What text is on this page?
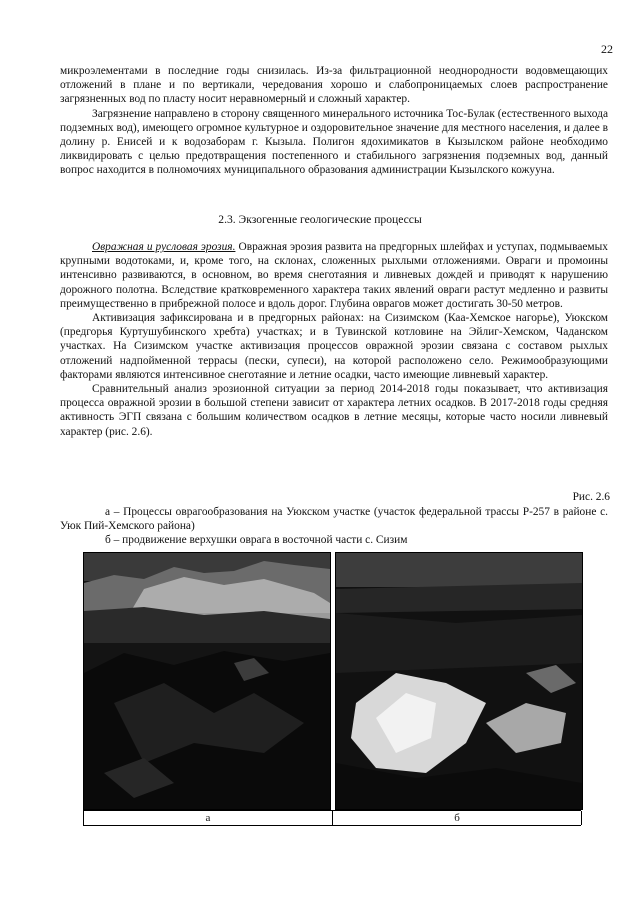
22

микроэлементами в последние годы снизилась. Из-за фильтрационной неоднородности водовмещающих отложений в плане и по вертикали, чередования хорошо и слабопроницаемых слоев распространение загрязненных вод по пласту носит неравномерный и сложный характер.

Загрязнение направлено в сторону священного минерального источника Тос-Булак (естественного выхода подземных вод), имеющего огромное культурное и оздоровительное значение для местного населения, и далее в долину р. Енисей и к водозаборам г. Кызыла. Полигон ядохимикатов в Кызылском районе необходимо ликвидировать с целью предотвращения постепенного и стабильного загрязнения подземных вод, данный вопрос находится в полномочиях муниципального образования администрации Кызылского кожууна.

2.3. Экзогенные геологические процессы

Овражная и русловая эрозия. Овражная эрозия развита на предгорных шлейфах и уступах, подмываемых крупными водотоками, и, кроме того, на склонах, сложенных рыхлыми отложениями. Овраги и промоины интенсивно развиваются, в основном, во время снеготаяния и ливневых дождей и приводят к нарушению дорожного полотна. Вследствие кратковременного характера таких явлений овраги растут медленно и развиты преимущественно в прибрежной полосе и вдоль дорог. Глубина оврагов может достигать 30-50 метров.

Активизация зафиксирована и в предгорных районах: на Сизимском (Каа-Хемское нагорье), Уюкском (предгорья Куртушубинского хребта) участках; и в Тувинской котловине на Эйлиг-Хемском, Чаданском участках. На Сизимском участке активизация процессов овражной эрозии связана с составом рыхлых отложений надпойменной террасы (пески, супеси), на которой расположено село. Режимообразующими факторами являются интенсивное снеготаяние и летние осадки, часто имеющие ливневый характер.

Сравнительный анализ эрозионной ситуации за период 2014-2018 годы показывает, что активизация процесса овражной эрозии в большой степени зависит от характера летних осадков. В 2017-2018 годы средняя активность ЭГП связана с большим количеством осадков в летние месяцы, которые часто носили ливневый характер (рис. 2.6).

Рис. 2.6

а – Процессы оврагообразования на Уюкском участке (участок федеральной трассы Р-257 в районе с. Уюк Пий-Хемского района)

б – продвижение верхушки оврага в восточной части с. Сизим

а	б
